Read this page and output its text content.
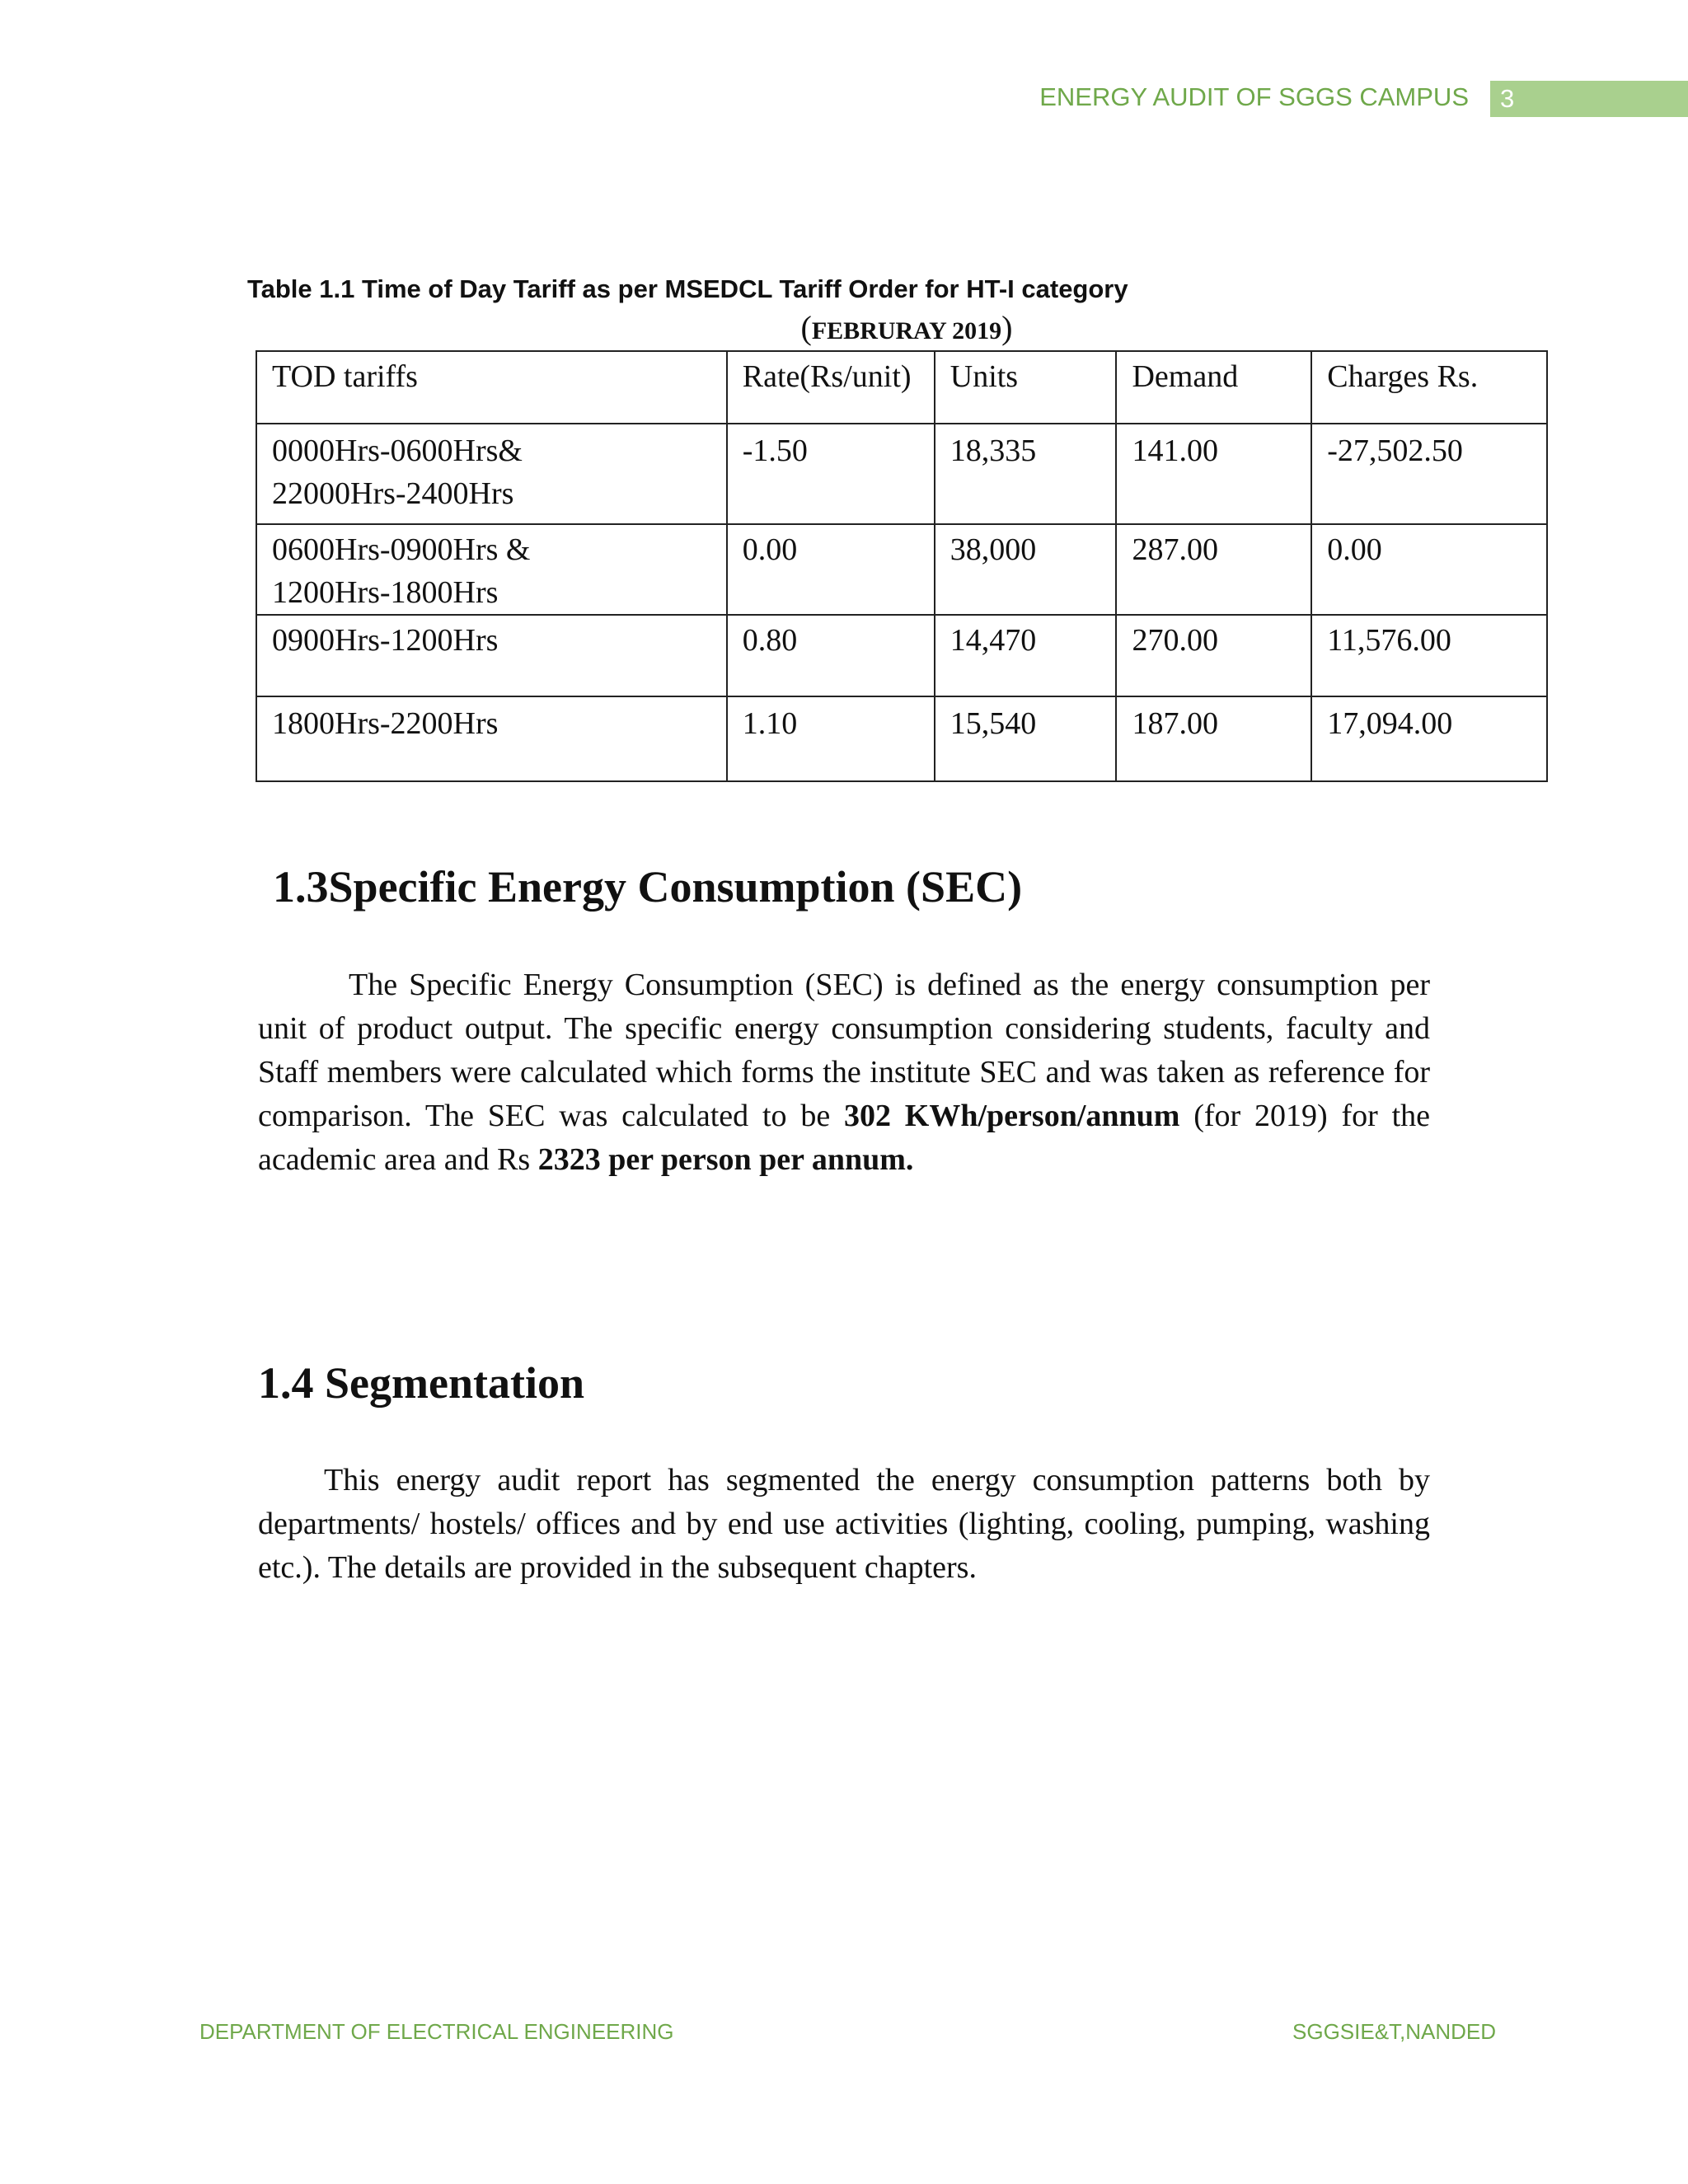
ENERGY AUDIT OF SGGS CAMPUS	3
Table 1.1 Time of Day Tariff as per MSEDCL Tariff Order for HT-I category
(FEBRURAY 2019)
TOD tariffs	Rate(Rs/unit)	Units	Demand	Charges Rs.
0000Hrs-0600Hrs&
22000Hrs-2400Hrs	-1.50	18,335	141.00	-27,502.50
0600Hrs-0900Hrs &
1200Hrs-1800Hrs	0.00	38,000	287.00	0.00
0900Hrs-1200Hrs	0.80	14,470	270.00	11,576.00
1800Hrs-2200Hrs	1.10	15,540	187.00	17,094.00
1.3Specific Energy Consumption (SEC)
The Specific Energy Consumption (SEC) is defined as the energy consumption per unit of product output. The specific energy consumption considering students, faculty and Staff members were calculated which forms the institute SEC and was taken as reference for comparison. The SEC was calculated to be 302 KWh/person/annum (for 2019) for the academic area and Rs 2323 per person per annum.
1.4 Segmentation
This energy audit report has segmented the energy consumption patterns both by departments/ hostels/ offices and by end use activities (lighting, cooling, pumping, washing etc.). The details are provided in the subsequent chapters.
DEPARTMENT OF ELECTRICAL ENGINEERING	SGGSIE&T,NANDED
